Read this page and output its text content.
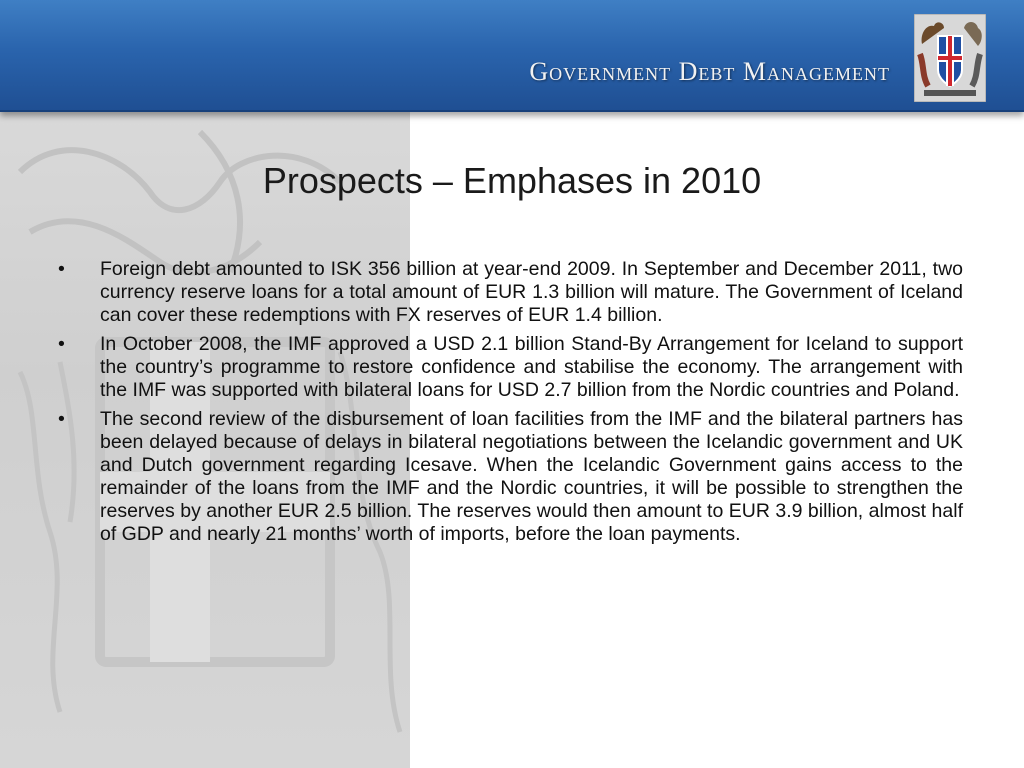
Government Debt Management
Prospects – Emphases in 2010
• Foreign debt amounted to ISK 356 billion at year-end 2009. In September and December 2011, two currency reserve loans for a total amount of EUR 1.3 billion will mature. The Government of Iceland can cover these redemptions with FX reserves of EUR 1.4 billion.
• In October 2008, the IMF approved a USD 2.1 billion Stand-By Arrangement for Iceland to support the country’s programme to restore confidence and stabilise the economy. The arrangement with the IMF was supported with bilateral loans for USD 2.7 billion from the Nordic countries and Poland.
• The second review of the disbursement of loan facilities from the IMF and the bilateral partners has been delayed because of delays in bilateral negotiations between the Icelandic government and UK and Dutch government regarding Icesave. When the Icelandic Government gains access to the remainder of the loans from the IMF and the Nordic countries, it will be possible to strengthen the reserves by another EUR 2.5 billion. The reserves would then amount to EUR 3.9 billion, almost half of GDP and nearly 21 months’ worth of imports, before the loan payments.
